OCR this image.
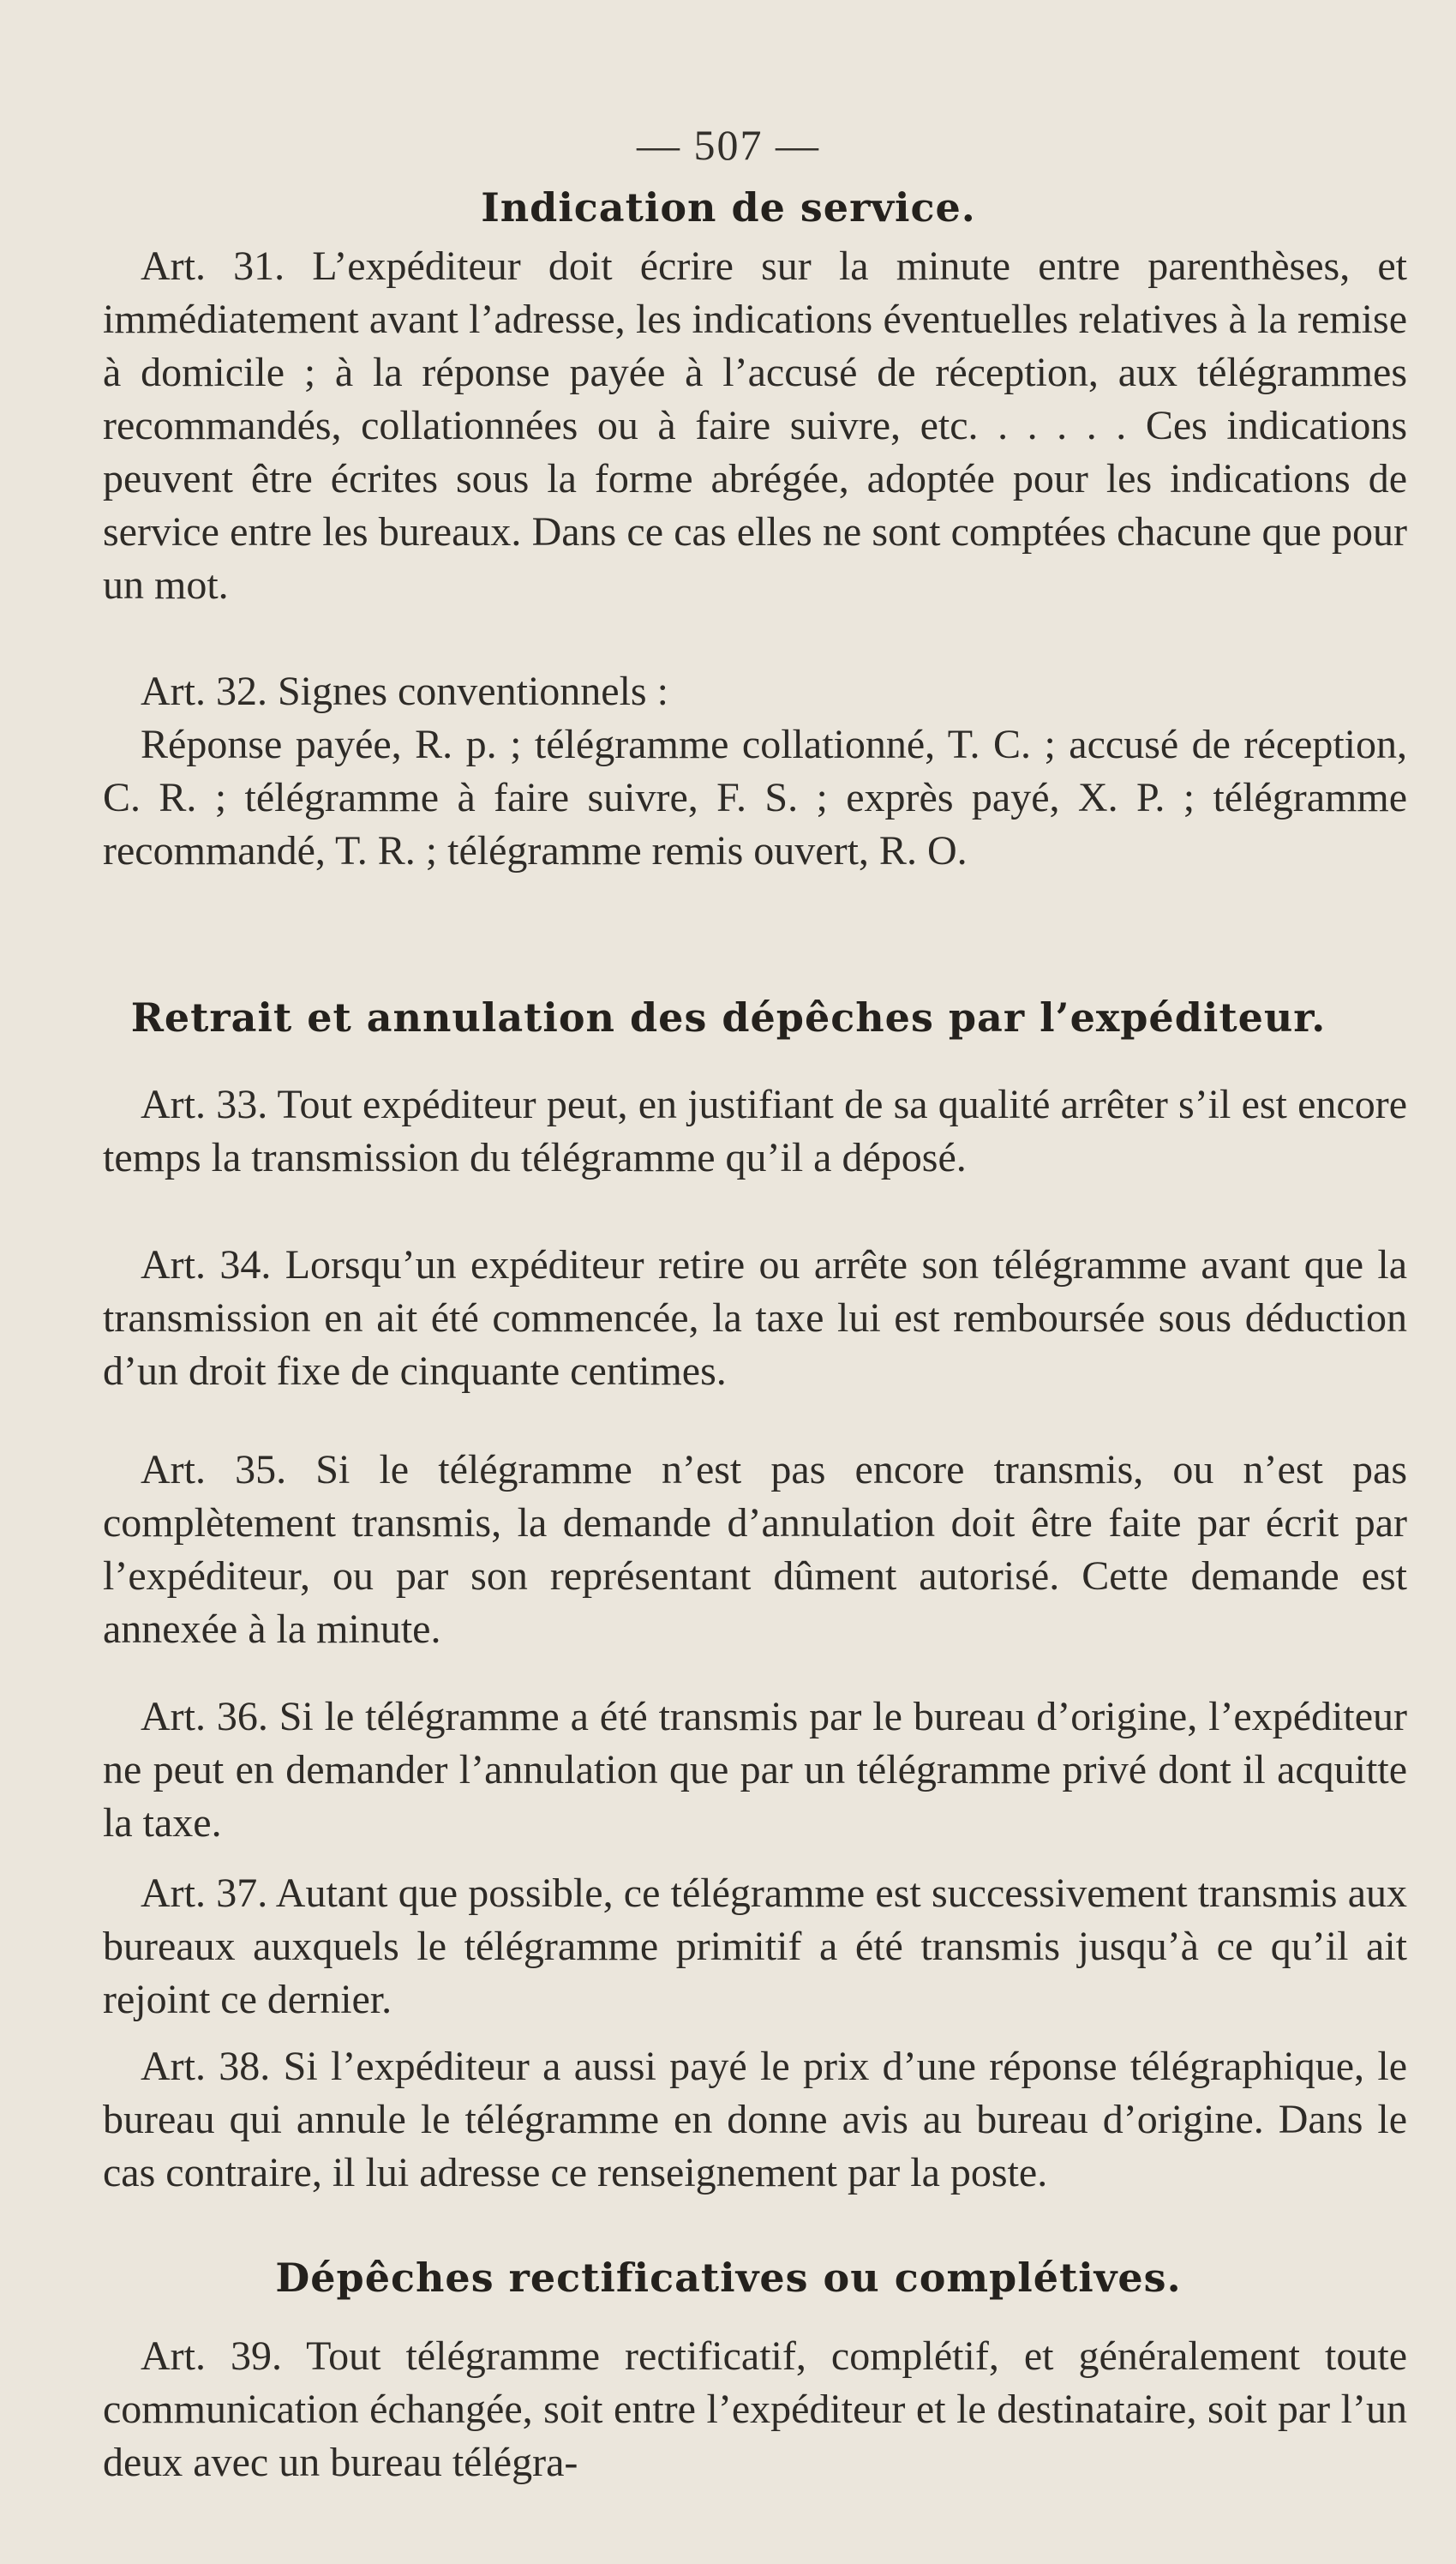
— 507 —
Indication de service.

Art. 31. L’expéditeur doit écrire sur la minute entre parenthèses, et immédiatement avant l’adresse, les indications éventuelles relatives à la remise à domicile ; à la réponse payée à l’accusé de réception, aux télégrammes recommandés, collationnées ou à faire suivre, etc. . . . . . Ces indications peuvent être écrites sous la forme abrégée, adoptée pour les indications de service entre les bureaux. Dans ce cas elles ne sont comptées chacune que pour un mot.

Art. 32. Signes conventionnels :

Réponse payée, R. p. ; télégramme collationné, T. C. ; accusé de réception, C. R. ; télégramme à faire suivre, F. S. ; exprès payé, X. P. ; télégramme recommandé, T. R. ; télégramme remis ouvert, R. O.

Retrait et annulation des dépêches par l’expéditeur.

Art. 33. Tout expéditeur peut, en justifiant de sa qualité arrêter s’il est encore temps la transmission du télégramme qu’il a déposé.

Art. 34. Lorsqu’un expéditeur retire ou arrête son télégramme avant que la transmission en ait été commencée, la taxe lui est remboursée sous déduction d’un droit fixe de cinquante centimes.

Art. 35. Si le télégramme n’est pas encore transmis, ou n’est pas complètement transmis, la demande d’annulation doit être faite par écrit par l’expéditeur, ou par son représentant dûment autorisé. Cette demande est annexée à la minute.

Art. 36. Si le télégramme a été transmis par le bureau d’origine, l’expéditeur ne peut en demander l’annulation que par un télégramme privé dont il acquitte la taxe.

Art. 37. Autant que possible, ce télégramme est successivement transmis aux bureaux auxquels le télégramme primitif a été transmis jusqu’à ce qu’il ait rejoint ce dernier.

Art. 38. Si l’expéditeur a aussi payé le prix d’une réponse télégraphique, le bureau qui annule le télégramme en donne avis au bureau d’origine. Dans le cas contraire, il lui adresse ce renseignement par la poste.

Dépêches rectificatives ou complétives.

Art. 39. Tout télégramme rectificatif, complétif, et généralement toute communication échangée, soit entre l’expéditeur et le destinataire, soit par l’un deux avec un bureau télégra-
